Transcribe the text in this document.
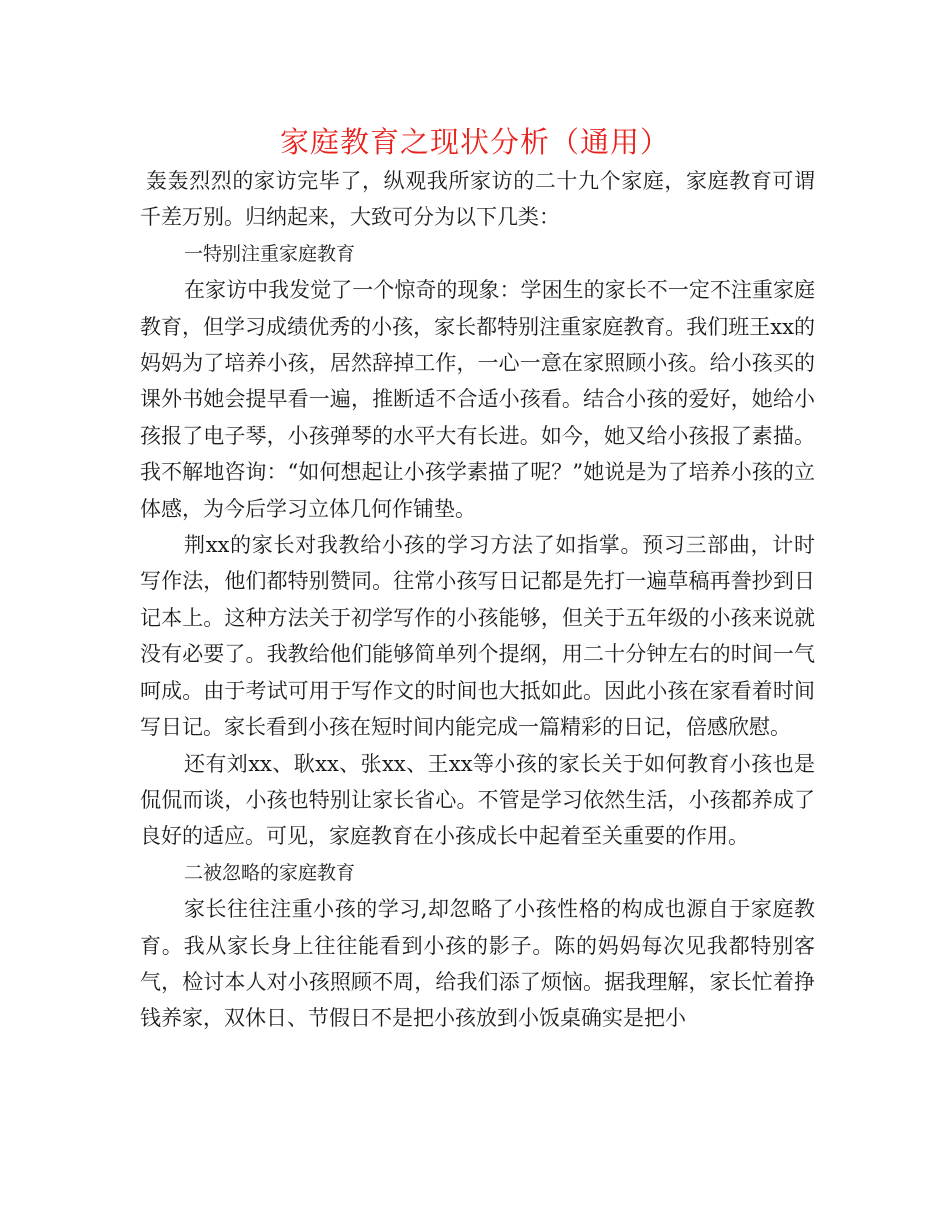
家庭教育之现状分析（通用）

轰轰烈烈的家访完毕了，纵观我所家访的二十九个家庭，家庭教育可谓千差万别。归纳起来，大致可分为以下几类：

一特别注重家庭教育

在家访中我发觉了一个惊奇的现象：学困生的家长不一定不注重家庭教育，但学习成绩优秀的小孩，家长都特别注重家庭教育。我们班王xx的妈妈为了培养小孩，居然辞掉工作，一心一意在家照顾小孩。给小孩买的课外书她会提早看一遍，推断适不合适小孩看。结合小孩的爱好，她给小孩报了电子琴，小孩弹琴的水平大有长进。如今，她又给小孩报了素描。我不解地咨询：“如何想起让小孩学素描了呢？”她说是为了培养小孩的立体感，为今后学习立体几何作铺垫。

荆xx的家长对我教给小孩的学习方法了如指掌。预习三部曲，计时写作法，他们都特别赞同。往常小孩写日记都是先打一遍草稿再誊抄到日记本上。这种方法关于初学写作的小孩能够，但关于五年级的小孩来说就没有必要了。我教给他们能够简单列个提纲，用二十分钟左右的时间一气呵成。由于考试可用于写作文的时间也大抵如此。因此小孩在家看着时间写日记。家长看到小孩在短时间内能完成一篇精彩的日记，倍感欣慰。

还有刘xx、耿xx、张xx、王xx等小孩的家长关于如何教育小孩也是侃侃而谈，小孩也特别让家长省心。不管是学习依然生活，小孩都养成了良好的适应。可见，家庭教育在小孩成长中起着至关重要的作用。

二被忽略的家庭教育

家长往往注重小孩的学习,却忽略了小孩性格的构成也源自于家庭教育。我从家长身上往往能看到小孩的影子。陈的妈妈每次见我都特别客气，检讨本人对小孩照顾不周，给我们添了烦恼。据我理解，家长忙着挣钱养家，双休日、节假日不是把小孩放到小饭桌确实是把小
